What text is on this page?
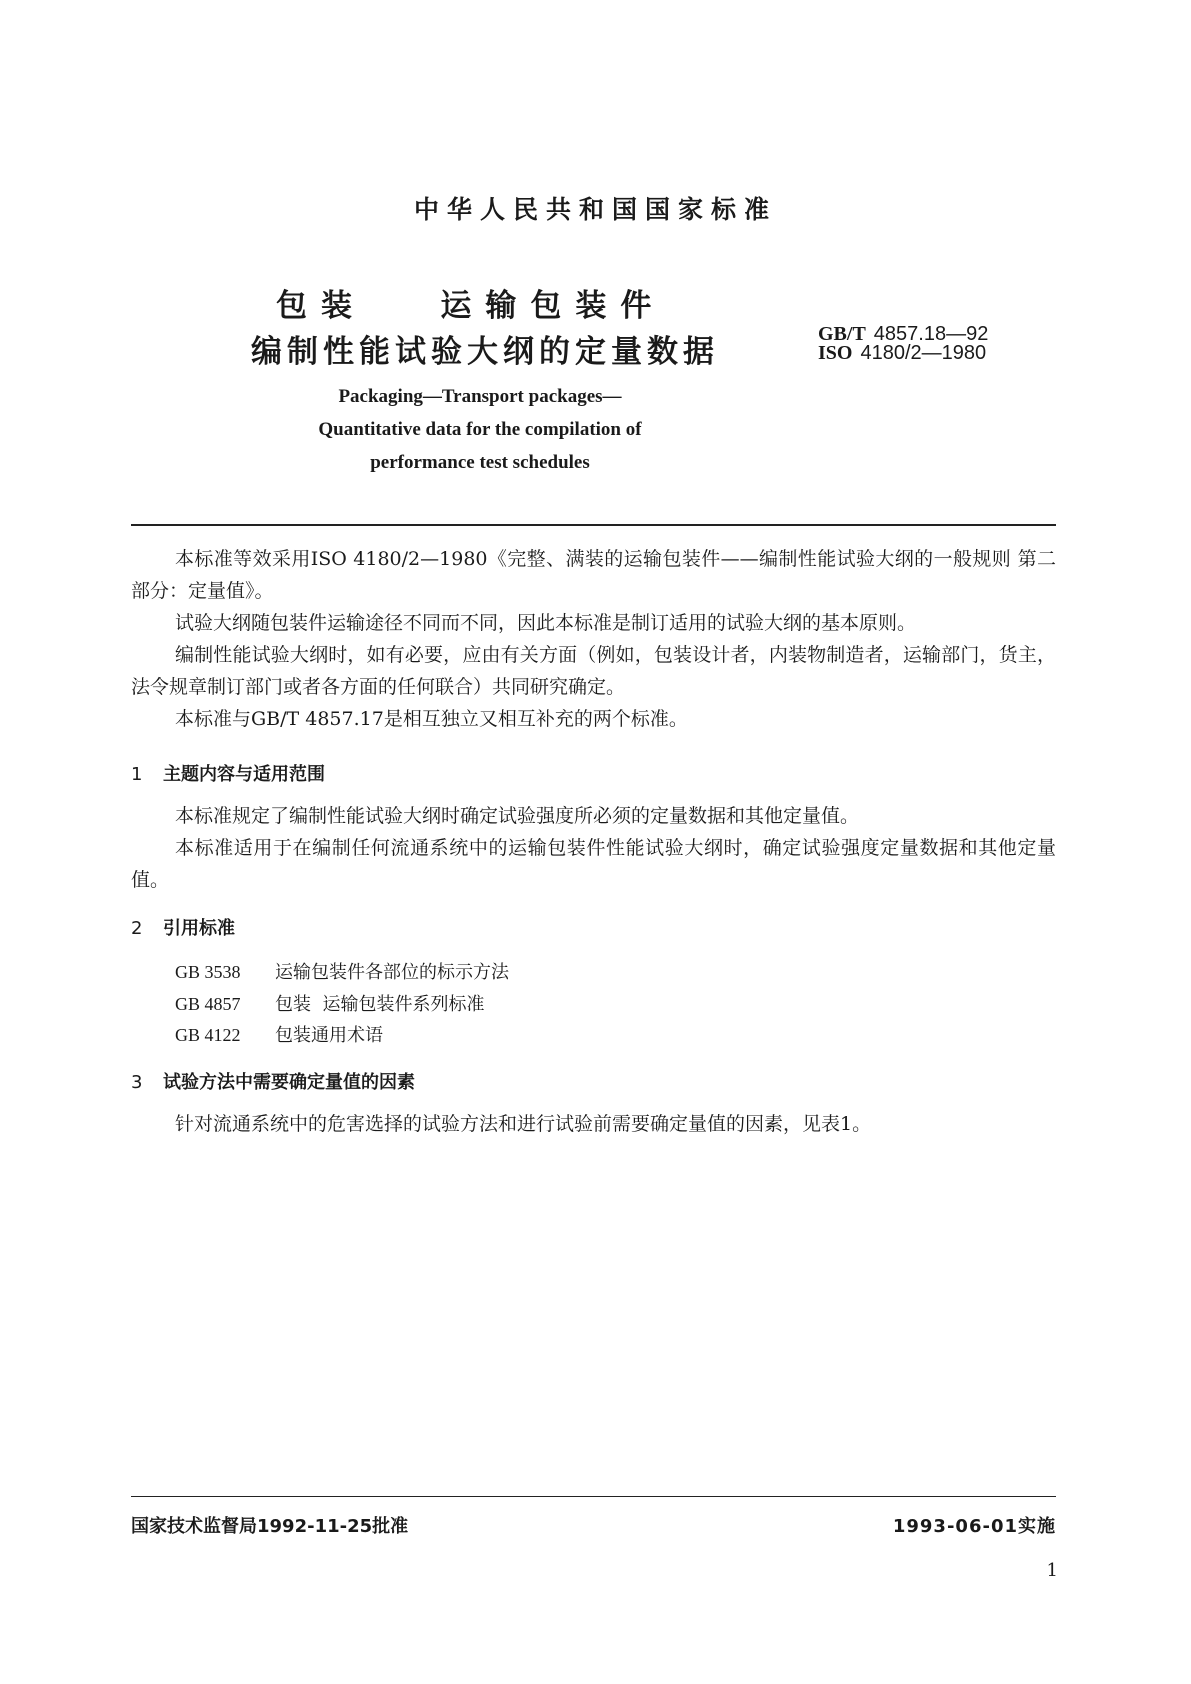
中华人民共和国国家标准
包装   运输包装件
编制性能试验大纲的定量数据	GB/T 4857.18—92
ISO 4180/2—1980
Packaging—Transport packages—
Quantitative data for the compilation of
performance test schedules
本标准等效采用ISO 4180/2—1980《完整、满装的运输包装件——编制性能试验大纲的一般规则 第二部分：定量值》。
试验大纲随包装件运输途径不同而不同，因此本标准是制订适用的试验大纲的基本原则。
编制性能试验大纲时，如有必要，应由有关方面（例如，包装设计者，内装物制造者，运输部门，货主，法令规章制订部门或者各方面的任何联合）共同研究确定。
本标准与GB/T 4857.17是相互独立又相互补充的两个标准。
1 主题内容与适用范围
本标准规定了编制性能试验大纲时确定试验强度所必须的定量数据和其他定量值。
本标准适用于在编制任何流通系统中的运输包装件性能试验大纲时，确定试验强度定量数据和其他定量值。
2 引用标准
GB 3538 运输包装件各部位的标示方法
GB 4857 包装  运输包装件系列标准
GB 4122 包装通用术语
3 试验方法中需要确定量值的因素
针对流通系统中的危害选择的试验方法和进行试验前需要确定量值的因素，见表1。
国家技术监督局1992-11-25批准	1993-06-01实施
1
